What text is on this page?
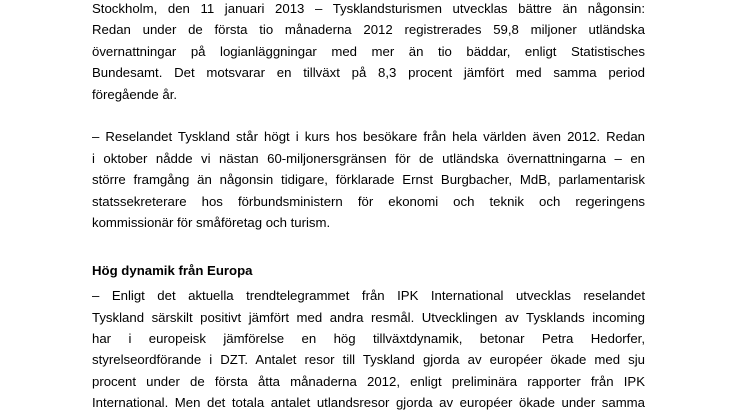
Stockholm, den 11 januari 2013 – Tysklandsturismen utvecklas bättre än någonsin:
Redan under de första tio månaderna 2012 registrerades 59,8 miljoner utländska
övernattningar på logianläggningar med mer än tio bäddar, enligt Statistisches
Bundesamt. Det motsvarar en tillväxt på 8,3 procent jämfört med samma period
föregående år.
– Reselandet Tyskland står högt i kurs hos besökare från hela världen även 2012. Redan
i oktober nådde vi nästan 60-miljonersgränsen för de utländska övernattningarna – en
större framgång än någonsin tidigare, förklarade Ernst Burgbacher, MdB, parlamentarisk
statssekreterare hos förbundsministern för ekonomi och teknik och regeringens
kommissionär för småföretag och turism.
Hög dynamik från Europa
– Enligt det aktuella trendtelegrammet från IPK International utvecklas reselandet
Tyskland särskilt positivt jämfört med andra resmål. Utvecklingen av Tysklands incoming
har i europeisk jämförelse en hög tillväxtdynamik, betonar Petra Hedorfer,
styrelseordförande i DZT. Antalet resor till Tyskland gjorda av européer ökade med sju
procent under de första åtta månaderna 2012, enligt preliminära rapporter från IPK
International. Men det totala antalet utlandsresor gjorda av européer ökade under samma
